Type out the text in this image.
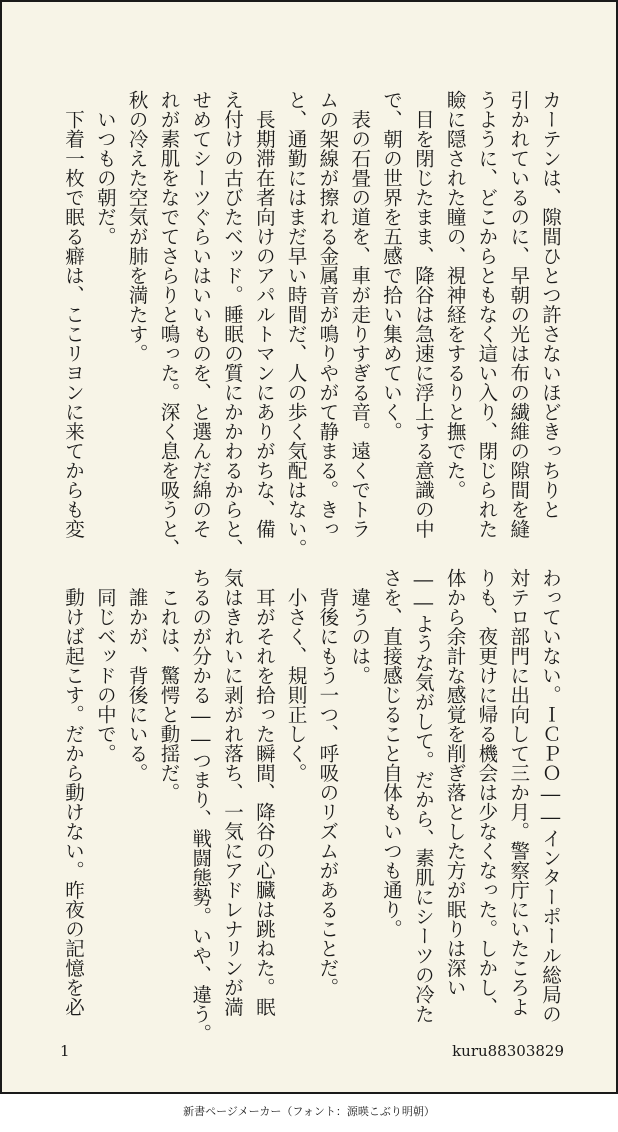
カーテンは、隙間ひとつ許さないほどきっちりと
引かれているのに、早朝の光は布の繊維の隙間を縫
うように、どこからともなく這い入り、閉じられた
瞼に隠された瞳の、視神経をするりと撫でた。
　目を閉じたまま、降谷は急速に浮上する意識の中
で、朝の世界を五感で拾い集めていく。
　表の石畳の道を、車が走りすぎる音。遠くでトラ
ムの架線が擦れる金属音が鳴りやがて静まる。きっ
と、通勤にはまだ早い時間だ、人の歩く気配はない。
　長期滞在者向けのアパルトマンにありがちな、備
え付けの古びたベッド。睡眠の質にかかわるからと、
せめてシーツぐらいはいいものを、と選んだ綿のそ
れが素肌をなでてさらりと鳴った。深く息を吸うと、
秋の冷えた空気が肺を満たす。
　いつもの朝だ。
　下着一枚で眠る癖は、ここリヨンに来てからも変
わっていない。ＩＣＰＯ――インターポール総局の
対テロ部門に出向して三か月。警察庁にいたころよ
りも、夜更けに帰る機会は少なくなった。しかし、
体から余計な感覚を削ぎ落とした方が眠りは深い
――ような気がして。だから、素肌にシーツの冷た
さを、直接感じること自体もいつも通り。
　違うのは。
　背後にもう一つ、呼吸のリズムがあることだ。
　小さく、規則正しく。
　耳がそれを拾った瞬間、降谷の心臓は跳ねた。眠
気はきれいに剥がれ落ち、一気にアドレナリンが満
ちるのが分かる――つまり、戦闘態勢。いや、違う。
　これは、驚愕と動揺だ。
　誰かが、背後にいる。
　同じベッドの中で。
　動けば起こす。だから動けない。昨夜の記憶を必
1	kuru88303829
新書ページメーカー（フォント：源暎こぶり明朝）
